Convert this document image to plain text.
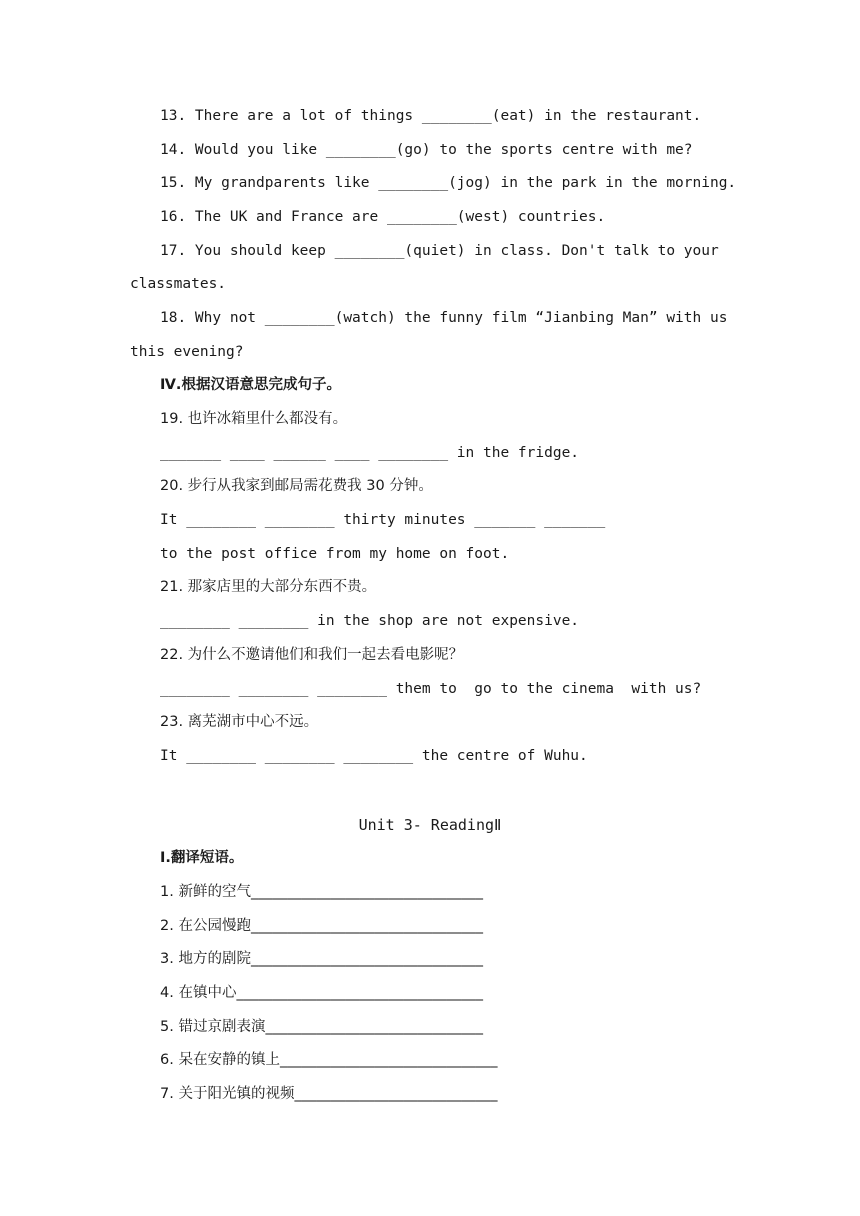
13. There are a lot of things ________(eat) in the restaurant.
14. Would you like ________(go) to the sports centre with me?
15. My grandparents like ________(jog) in the park in the morning.
16. The UK and France are ________(west) countries.
17. You should keep ________(quiet) in class. Don't talk to your
classmates.
18. Why not ________(watch) the funny film “Jianbing Man” with us
this evening?
Ⅳ.根据汉语意思完成句子。
19. 也许冰箱里什么都没有。
_______ ____ ______ ____ ________ in the fridge.
20. 步行从我家到邮局需花费我 30 分钟。
It ________ ________ thirty minutes _______ _______
to the post office from my home on foot.
21. 那家店里的大部分东西不贵。
________ ________ in the shop are not expensive.
22. 为什么不邀请他们和我们一起去看电影呢？
________ ________ ________ them to  go to the cinema  with us?
23. 离芜湖市中心不远。
It ________ ________ ________ the centre of Wuhu.
Unit 3- ReadingⅡ
Ⅰ.翻译短语。
1. 新鲜的空气________________________________
2. 在公园慢跑________________________________
3. 地方的剧院________________________________
4. 在镇中心__________________________________
5. 错过京剧表演______________________________
6. 呆在安静的镇上______________________________
7. 关于阳光镇的视频____________________________
